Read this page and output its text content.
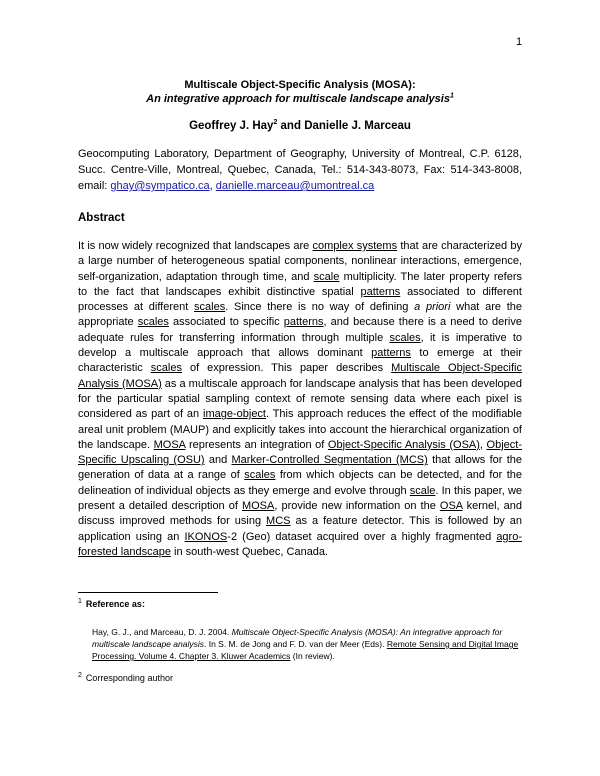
1
Multiscale Object-Specific Analysis (MOSA):
An integrative approach for multiscale landscape analysis$^1$
Geoffrey J. Hay$^2$ and Danielle J. Marceau
Geocomputing Laboratory, Department of Geography, University of Montreal, C.P. 6128, Succ. Centre-Ville, Montreal, Quebec, Canada, Tel.: 514-343-8073, Fax: 514-343-8008, email: ghay@sympatico.ca, danielle.marceau@umontreal.ca
Abstract
It is now widely recognized that landscapes are complex systems that are characterized by a large number of heterogeneous spatial components, nonlinear interactions, emergence, self-organization, adaptation through time, and scale multiplicity. The later property refers to the fact that landscapes exhibit distinctive spatial patterns associated to different processes at different scales. Since there is no way of defining a priori what are the appropriate scales associated to specific patterns, and because there is a need to derive adequate rules for transferring information through multiple scales, it is imperative to develop a multiscale approach that allows dominant patterns to emerge at their characteristic scales of expression. This paper describes Multiscale Object-Specific Analysis (MOSA) as a multiscale approach for landscape analysis that has been developed for the particular spatial sampling context of remote sensing data where each pixel is considered as part of an image-object. This approach reduces the effect of the modifiable areal unit problem (MAUP) and explicitly takes into account the hierarchical organization of the landscape. MOSA represents an integration of Object-Specific Analysis (OSA), Object-Specific Upscaling (OSU) and Marker-Controlled Segmentation (MCS) that allows for the generation of data at a range of scales from which objects can be detected, and for the delineation of individual objects as they emerge and evolve through scale. In this paper, we present a detailed description of MOSA, provide new information on the OSA kernel, and discuss improved methods for using MCS as a feature detector. This is followed by an application using an IKONOS-2 (Geo) dataset acquired over a highly fragmented agro-forested landscape in south-west Quebec, Canada.
$^1$ Reference as:
Hay, G. J., and Marceau, D. J. 2004. Multiscale Object-Specific Analysis (MOSA): An integrative approach for multiscale landscape analysis. In S. M. de Jong and F. D. van der Meer (Eds). Remote Sensing and Digital Image Processing. Volume 4. Chapter 3. Kluwer Academics (In review).
$^2$ Corresponding author
